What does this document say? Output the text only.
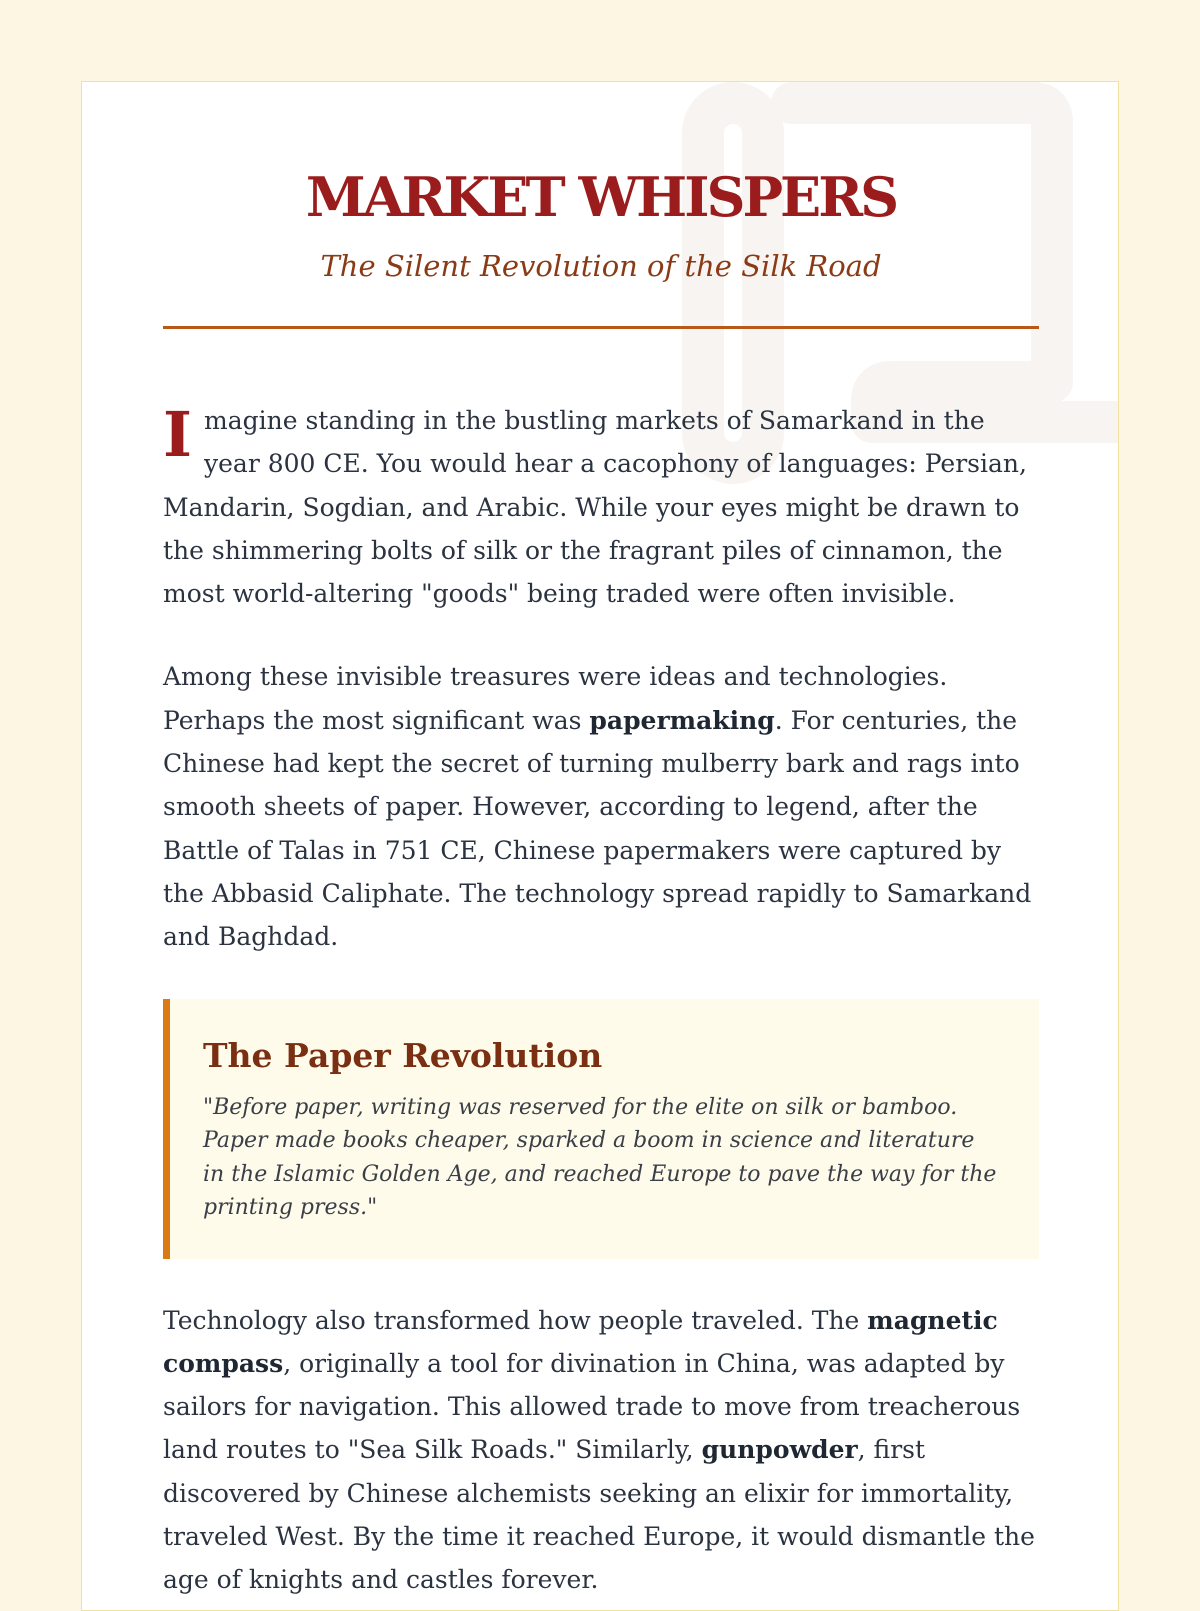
MARKET WHISPERS

The Silent Revolution of the Silk Road

Imagine standing in the bustling markets of Samarkand in the year 800 CE. You would hear a cacophony of languages: Persian, Mandarin, Sogdian, and Arabic. While your eyes might be drawn to the shimmering bolts of silk or the fragrant piles of cinnamon, the most world-altering "goods" being traded were often invisible.

Among these invisible treasures were ideas and technologies. Perhaps the most significant was papermaking. For centuries, the Chinese had kept the secret of turning mulberry bark and rags into smooth sheets of paper. However, according to legend, after the Battle of Talas in 751 CE, Chinese papermakers were captured by the Abbasid Caliphate. The technology spread rapidly to Samarkand and Baghdad.

The Paper Revolution

"Before paper, writing was reserved for the elite on silk or bamboo. Paper made books cheaper, sparked a boom in science and literature in the Islamic Golden Age, and reached Europe to pave the way for the printing press."

Technology also transformed how people traveled. The magnetic compass, originally a tool for divination in China, was adapted by sailors for navigation. This allowed trade to move from treacherous land routes to "Sea Silk Roads." Similarly, gunpowder, first discovered by Chinese alchemists seeking an elixir for immortality, traveled West. By the time it reached Europe, it would dismantle the age of knights and castles forever.
